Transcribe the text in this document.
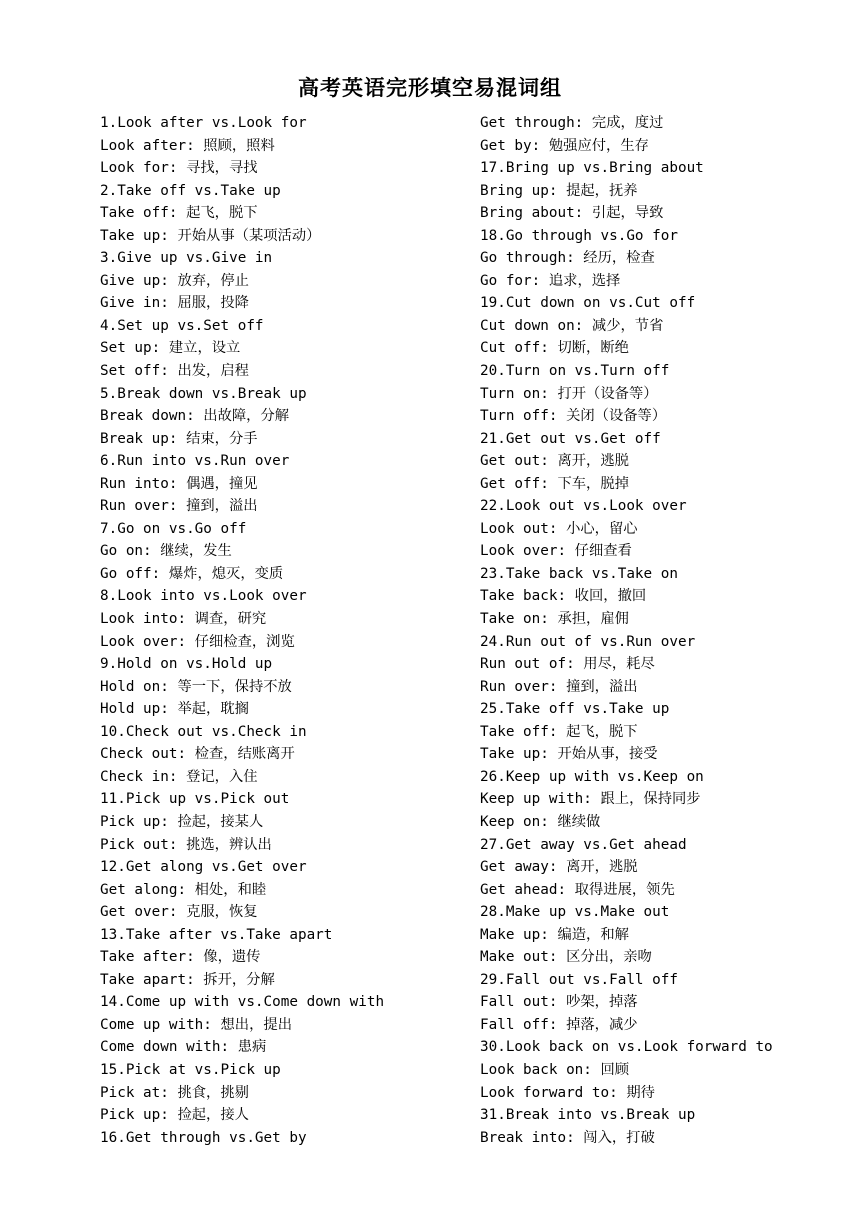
高考英语完形填空易混词组
1.Look after vs.Look for
Look after: 照顾，照料
Look for: 寻找，寻找
2.Take off vs.Take up
Take off: 起飞，脱下
Take up: 开始从事（某项活动）
3.Give up vs.Give in
Give up: 放弃，停止
Give in: 屈服，投降
4.Set up vs.Set off
Set up: 建立，设立
Set off: 出发，启程
5.Break down vs.Break up
Break down: 出故障，分解
Break up: 结束，分手
6.Run into vs.Run over
Run into: 偶遇，撞见
Run over: 撞到，溢出
7.Go on vs.Go off
Go on: 继续，发生
Go off: 爆炸，熄灭，变质
8.Look into vs.Look over
Look into: 调查，研究
Look over: 仔细检查，浏览
9.Hold on vs.Hold up
Hold on: 等一下，保持不放
Hold up: 举起，耽搁
10.Check out vs.Check in
Check out: 检查，结账离开
Check in: 登记，入住
11.Pick up vs.Pick out
Pick up: 捡起，接某人
Pick out: 挑选，辨认出
12.Get along vs.Get over
Get along: 相处，和睦
Get over: 克服，恢复
13.Take after vs.Take apart
Take after: 像，遗传
Take apart: 拆开，分解
14.Come up with vs.Come down with
Come up with: 想出，提出
Come down with: 患病
15.Pick at vs.Pick up
Pick at: 挑食，挑剔
Pick up: 捡起，接人
16.Get through vs.Get by
Get through: 完成，度过
Get by: 勉强应付，生存
17.Bring up vs.Bring about
Bring up: 提起，抚养
Bring about: 引起，导致
18.Go through vs.Go for
Go through: 经历，检查
Go for: 追求，选择
19.Cut down on vs.Cut off
Cut down on: 减少，节省
Cut off: 切断，断绝
20.Turn on vs.Turn off
Turn on: 打开（设备等）
Turn off: 关闭（设备等）
21.Get out vs.Get off
Get out: 离开，逃脱
Get off: 下车，脱掉
22.Look out vs.Look over
Look out: 小心，留心
Look over: 仔细查看
23.Take back vs.Take on
Take back: 收回，撤回
Take on: 承担，雇佣
24.Run out of vs.Run over
Run out of: 用尽，耗尽
Run over: 撞到，溢出
25.Take off vs.Take up
Take off: 起飞，脱下
Take up: 开始从事，接受
26.Keep up with vs.Keep on
Keep up with: 跟上，保持同步
Keep on: 继续做
27.Get away vs.Get ahead
Get away: 离开，逃脱
Get ahead: 取得进展，领先
28.Make up vs.Make out
Make up: 编造，和解
Make out: 区分出，亲吻
29.Fall out vs.Fall off
Fall out: 吵架，掉落
Fall off: 掉落，减少
30.Look back on vs.Look forward to
Look back on: 回顾
Look forward to: 期待
31.Break into vs.Break up
Break into: 闯入，打破
